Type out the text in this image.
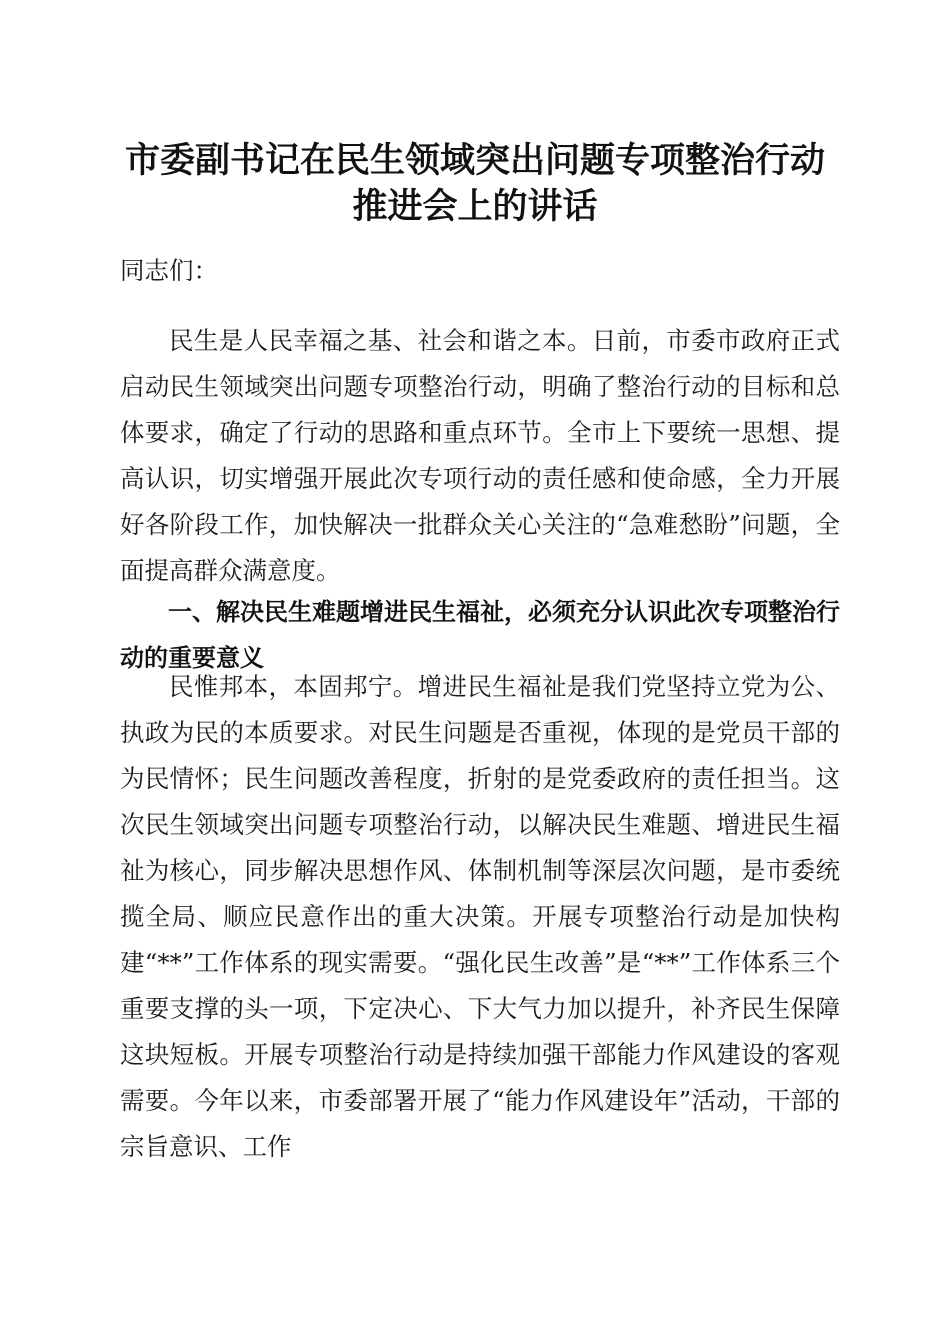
市委副书记在民生领域突出问题专项整治行动
推进会上的讲话
同志们：
民生是人民幸福之基、社会和谐之本。日前，市委市政府正式启动民生领域突出问题专项整治行动，明确了整治行动的目标和总体要求，确定了行动的思路和重点环节。全市上下要统一思想、提高认识，切实增强开展此次专项行动的责任感和使命感，全力开展好各阶段工作，加快解决一批群众关心关注的“急难愁盼”问题，全面提高群众满意度。
一、解决民生难题增进民生福祉，必须充分认识此次专项整治行动的重要意义
民惟邦本，本固邦宁。增进民生福祉是我们党坚持立党为公、执政为民的本质要求。对民生问题是否重视，体现的是党员干部的为民情怀；民生问题改善程度，折射的是党委政府的责任担当。这次民生领域突出问题专项整治行动，以解决民生难题、增进民生福祉为核心，同步解决思想作风、体制机制等深层次问题，是市委统揽全局、顺应民意作出的重大决策。开展专项整治行动是加快构建“**”工作体系的现实需要。“强化民生改善”是“**”工作体系三个重要支撑的头一项，下定决心、下大气力加以提升，补齐民生保障这块短板。开展专项整治行动是持续加强干部能力作风建设的客观需要。今年以来，市委部署开展了“能力作风建设年”活动，干部的宗旨意识、工作
